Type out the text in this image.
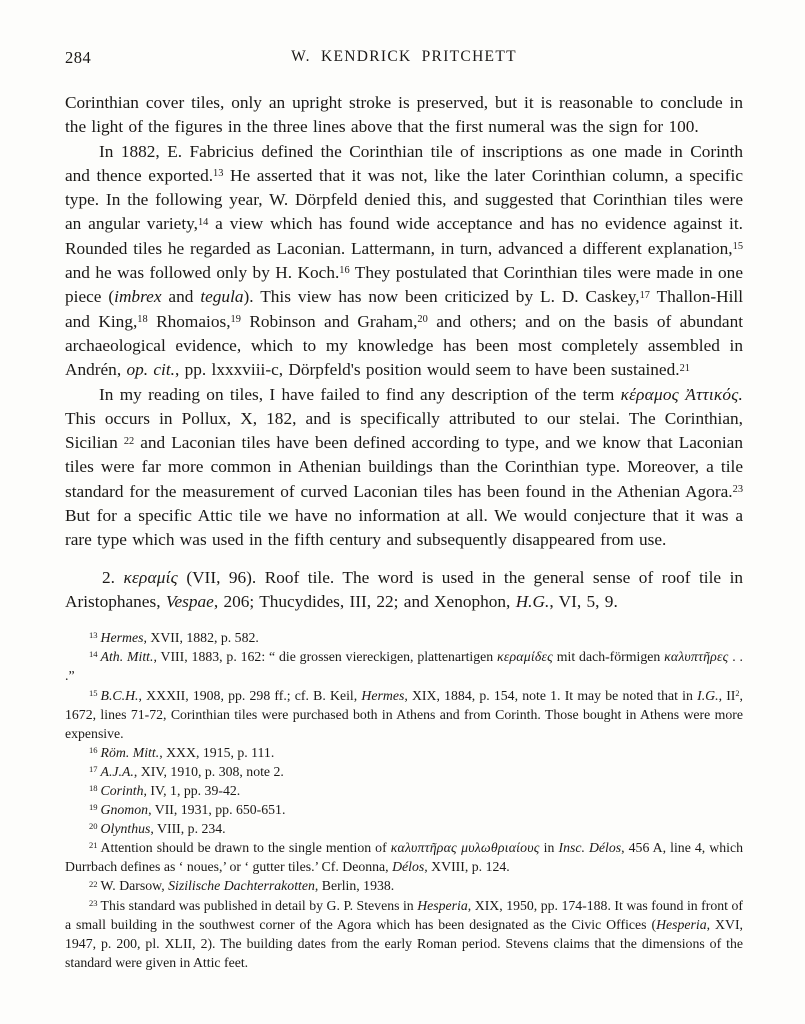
284	W. KENDRICK PRITCHETT

Corinthian cover tiles, only an upright stroke is preserved, but it is reasonable to conclude in the light of the figures in the three lines above that the first numeral was the sign for 100.

In 1882, E. Fabricius defined the Corinthian tile of inscriptions as one made in Corinth and thence exported.$^{13}$ He asserted that it was not, like the later Corinthian column, a specific type. In the following year, W. Dörpfeld denied this, and suggested that Corinthian tiles were an angular variety,$^{14}$ a view which has found wide acceptance and has no evidence against it. Rounded tiles he regarded as Laconian. Lattermann, in turn, advanced a different explanation,$^{15}$ and he was followed only by H. Koch.$^{16}$ They postulated that Corinthian tiles were made in one piece (imbrex and tegula). This view has now been criticized by L. D. Caskey,$^{17}$ Thallon-Hill and King,$^{18}$ Rhomaios,$^{19}$ Robinson and Graham,$^{20}$ and others; and on the basis of abundant archaeological evidence, which to my knowledge has been most completely assembled in Andrén, op. cit., pp. lxxxviii-c, Dörpfeld's position would seem to have been sustained.$^{21}$

In my reading on tiles, I have failed to find any description of the term κέραμος Ἀττικός. This occurs in Pollux, X, 182, and is specifically attributed to our stelai. The Corinthian, Sicilian $^{22}$ and Laconian tiles have been defined according to type, and we know that Laconian tiles were far more common in Athenian buildings than the Corinthian type. Moreover, a tile standard for the measurement of curved Laconian tiles has been found in the Athenian Agora.$^{23}$ But for a specific Attic tile we have no information at all. We would conjecture that it was a rare type which was used in the fifth century and subsequently disappeared from use.

2. κεραμίς (VII, 96). Roof tile. The word is used in the general sense of roof tile in Aristophanes, Vespae, 206; Thucydides, III, 22; and Xenophon, H.G., VI, 5, 9.

$^{13}$ Hermes, XVII, 1882, p. 582.

$^{14}$ Ath. Mitt., VIII, 1883, p. 162: “ die grossen viereckigen, plattenartigen κεραμίδες mit dach-förmigen καλυπτῆρες . . .”

$^{15}$ B.C.H., XXXII, 1908, pp. 298 ff.; cf. B. Keil, Hermes, XIX, 1884, p. 154, note 1. It may be noted that in I.G., II$^2$, 1672, lines 71-72, Corinthian tiles were purchased both in Athens and from Corinth. Those bought in Athens were more expensive.

$^{16}$ Röm. Mitt., XXX, 1915, p. 111.

$^{17}$ A.J.A., XIV, 1910, p. 308, note 2.

$^{18}$ Corinth, IV, 1, pp. 39-42.

$^{19}$ Gnomon, VII, 1931, pp. 650-651.

$^{20}$ Olynthus, VIII, p. 234.

$^{21}$ Attention should be drawn to the single mention of καλυπτῆρας μυλωθριαίους in Insc. Délos, 456 A, line 4, which Durrbach defines as ‘ noues,’ or ‘ gutter tiles.’ Cf. Deonna, Délos, XVIII, p. 124.

$^{22}$ W. Darsow, Sizilische Dachterrakotten, Berlin, 1938.

$^{23}$ This standard was published in detail by G. P. Stevens in Hesperia, XIX, 1950, pp. 174-188. It was found in front of a small building in the southwest corner of the Agora which has been designated as the Civic Offices (Hesperia, XVI, 1947, p. 200, pl. XLII, 2). The building dates from the early Roman period. Stevens claims that the dimensions of the standard were given in Attic feet.
